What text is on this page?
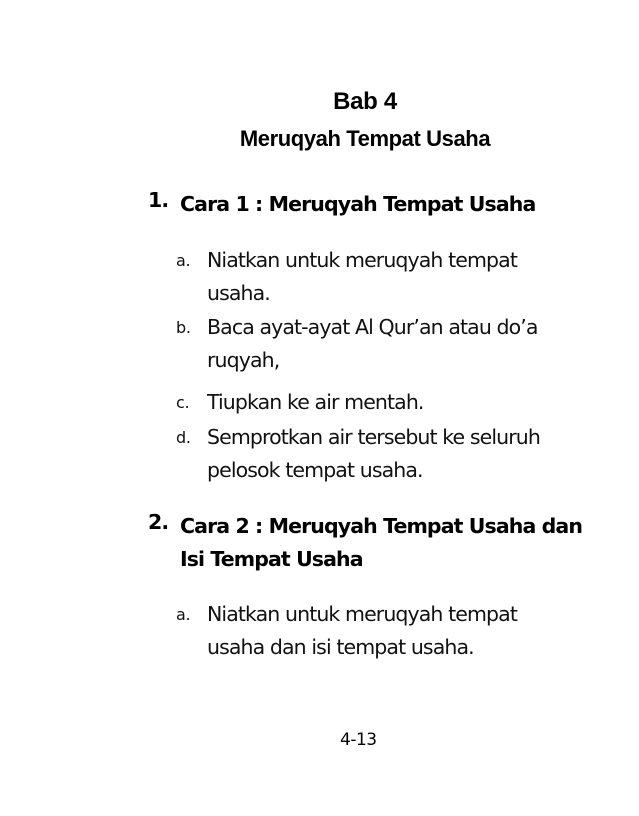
Bab 4
Meruqyah Tempat Usaha
1. Cara 1 : Meruqyah Tempat Usaha
a. Niatkan untuk meruqyah tempat
usaha.
b. Baca ayat-ayat Al Qur’an atau do’a
ruqyah,
c. Tiupkan ke air mentah.
d. Semprotkan air tersebut ke seluruh
pelosok tempat usaha.
2. Cara 2 : Meruqyah Tempat Usaha dan
Isi Tempat Usaha
a. Niatkan untuk meruqyah tempat
usaha dan isi tempat usaha.
4-13
